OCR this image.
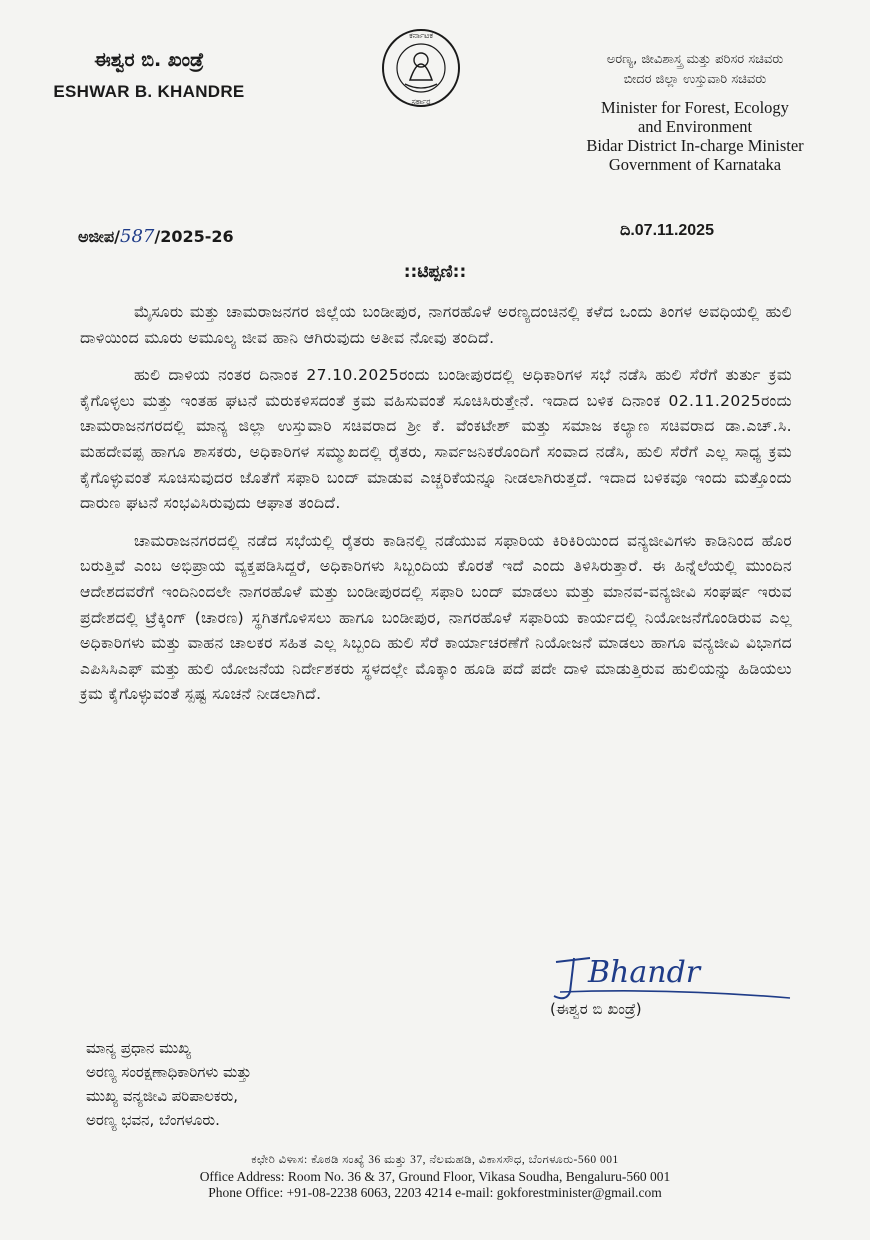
ಈಶ್ವರ ಬಿ. ಖಂಡ್ರೆ
ESHWAR B. KHANDRE
ಕರ್ನಾಟಕ
ಸರ್ಕಾರ
ಅರಣ್ಯ, ಜೀವಿಶಾಸ್ತ್ರ ಮತ್ತು ಪರಿಸರ ಸಚಿವರು
ಬೀದರ ಜಿಲ್ಲಾ ಉಸ್ತುವಾರಿ ಸಚಿವರು
Minister for Forest, Ecology
and Environment
Bidar District In-charge Minister
Government of Karnataka
ಅಜೀಪ/587/2025-26	ದಿ.07.11.2025
::ಟಿಪ್ಪಣಿ::

ಮೈಸೂರು ಮತ್ತು ಚಾಮರಾಜನಗರ ಜಿಲ್ಲೆಯ ಬಂಡೀಪುರ, ನಾಗರಹೊಳೆ ಅರಣ್ಯದಂಚಿನಲ್ಲಿ ಕಳೆದ ಒಂದು ತಿಂಗಳ ಅವಧಿಯಲ್ಲಿ ಹುಲಿ ದಾಳಿಯಿಂದ ಮೂರು ಅಮೂಲ್ಯ ಜೀವ ಹಾನಿ ಆಗಿರುವುದು ಅತೀವ ನೋವು ತಂದಿದೆ.

ಹುಲಿ ದಾಳಿಯ ನಂತರ ದಿನಾಂಕ 27.10.2025ರಂದು ಬಂಡೀಪುರದಲ್ಲಿ ಅಧಿಕಾರಿಗಳ ಸಭೆ ನಡೆಸಿ ಹುಲಿ ಸೆರೆಗೆ ತುರ್ತು ಕ್ರಮ ಕೈಗೊಳ್ಳಲು ಮತ್ತು ಇಂತಹ ಘಟನೆ ಮರುಕಳಿಸದಂತೆ ಕ್ರಮ ವಹಿಸುವಂತೆ ಸೂಚಿಸಿರುತ್ತೇನೆ. ಇದಾದ ಬಳಿಕ ದಿನಾಂಕ 02.11.2025ರಂದು ಚಾಮರಾಜನಗರದಲ್ಲಿ ಮಾನ್ಯ ಜಿಲ್ಲಾ ಉಸ್ತುವಾರಿ ಸಚಿವರಾದ ಶ್ರೀ ಕೆ. ವೆಂಕಟೇಶ್ ಮತ್ತು ಸಮಾಜ ಕಲ್ಯಾಣ ಸಚಿವರಾದ ಡಾ.ಎಚ್.ಸಿ. ಮಹದೇವಪ್ಪ ಹಾಗೂ ಶಾಸಕರು, ಅಧಿಕಾರಿಗಳ ಸಮ್ಮುಖದಲ್ಲಿ ರೈತರು, ಸಾರ್ವಜನಿಕರೊಂದಿಗೆ ಸಂವಾದ ನಡೆಸಿ, ಹುಲಿ ಸೆರೆಗೆ ಎಲ್ಲ ಸಾಧ್ಯ ಕ್ರಮ ಕೈಗೊಳ್ಳುವಂತೆ ಸೂಚಿಸುವುದರ ಜೊತೆಗೆ ಸಫಾರಿ ಬಂದ್ ಮಾಡುವ ಎಚ್ಚರಿಕೆಯನ್ನೂ ನೀಡಲಾಗಿರುತ್ತದೆ. ಇದಾದ ಬಳಿಕವೂ ಇಂದು ಮತ್ತೊಂದು ದಾರುಣ ಘಟನೆ ಸಂಭವಿಸಿರುವುದು ಆಘಾತ ತಂದಿದೆ.

ಚಾಮರಾಜನಗರದಲ್ಲಿ ನಡೆದ ಸಭೆಯಲ್ಲಿ ರೈತರು ಕಾಡಿನಲ್ಲಿ ನಡೆಯುವ ಸಫಾರಿಯ ಕಿರಿಕಿರಿಯಿಂದ ವನ್ಯಜೀವಿಗಳು ಕಾಡಿನಿಂದ ಹೊರ ಬರುತ್ತಿವೆ ಎಂಬ ಅಭಿಪ್ರಾಯ ವ್ಯಕ್ತಪಡಿಸಿದ್ದರೆ, ಅಧಿಕಾರಿಗಳು ಸಿಬ್ಬಂದಿಯ ಕೊರತೆ ಇದೆ ಎಂದು ತಿಳಿಸಿರುತ್ತಾರೆ. ಈ ಹಿನ್ನೆಲೆಯಲ್ಲಿ ಮುಂದಿನ ಆದೇಶದವರೆಗೆ ಇಂದಿನಿಂದಲೇ ನಾಗರಹೊಳೆ ಮತ್ತು ಬಂಡೀಪುರದಲ್ಲಿ ಸಫಾರಿ ಬಂದ್ ಮಾಡಲು ಮತ್ತು ಮಾನವ-ವನ್ಯಜೀವಿ ಸಂಘರ್ಷ ಇರುವ ಪ್ರದೇಶದಲ್ಲಿ ಟ್ರೆಕ್ಕಿಂಗ್ (ಚಾರಣ) ಸ್ಥಗಿತಗೊಳಿಸಲು ಹಾಗೂ ಬಂಡೀಪುರ, ನಾಗರಹೊಳೆ ಸಫಾರಿಯ ಕಾರ್ಯದಲ್ಲಿ ನಿಯೋಜನೆಗೊಂಡಿರುವ ಎಲ್ಲ ಅಧಿಕಾರಿಗಳು ಮತ್ತು ವಾಹನ ಚಾಲಕರ ಸಹಿತ ಎಲ್ಲ ಸಿಬ್ಬಂದಿ ಹುಲಿ ಸೆರೆ ಕಾರ್ಯಾಚರಣೆಗೆ ನಿಯೋಜನೆ ಮಾಡಲು ಹಾಗೂ ವನ್ಯಜೀವಿ ವಿಭಾಗದ ಎಪಿಸಿಸಿಎಫ್ ಮತ್ತು ಹುಲಿ ಯೋಜನೆಯ ನಿರ್ದೇಶಕರು ಸ್ಥಳದಲ್ಲೇ ಮೊಕ್ಕಾಂ ಹೂಡಿ ಪದೆ ಪದೇ ದಾಳಿ ಮಾಡುತ್ತಿರುವ ಹುಲಿಯನ್ನು ಹಿಡಿಯಲು ಕ್ರಮ ಕೈಗೊಳ್ಳುವಂತೆ ಸ್ಪಷ್ಟ ಸೂಚನೆ ನೀಡಲಾಗಿದೆ.

Bhandr
(ಈಶ್ವರ ಬಿ ಖಂಡ್ರೆ)
ಮಾನ್ಯ ಪ್ರಧಾನ ಮುಖ್ಯ
ಅರಣ್ಯ ಸಂರಕ್ಷಣಾಧಿಕಾರಿಗಳು ಮತ್ತು
ಮುಖ್ಯ ವನ್ಯಜೀವಿ ಪರಿಪಾಲಕರು,
ಅರಣ್ಯ ಭವನ, ಬೆಂಗಳೂರು.
ಕಛೇರಿ ವಿಳಾಸ: ಕೊಠಡಿ ಸಂಖ್ಯೆ 36 ಮತ್ತು 37, ನೆಲಮಹಡಿ, ವಿಕಾಸಸೌಧ, ಬೆಂಗಳೂರು-560 001
Office Address: Room No. 36 & 37, Ground Floor, Vikasa Soudha, Bengaluru-560 001
Phone Office: +91-08-2238 6063, 2203 4214 e-mail: gokforestminister@gmail.com
